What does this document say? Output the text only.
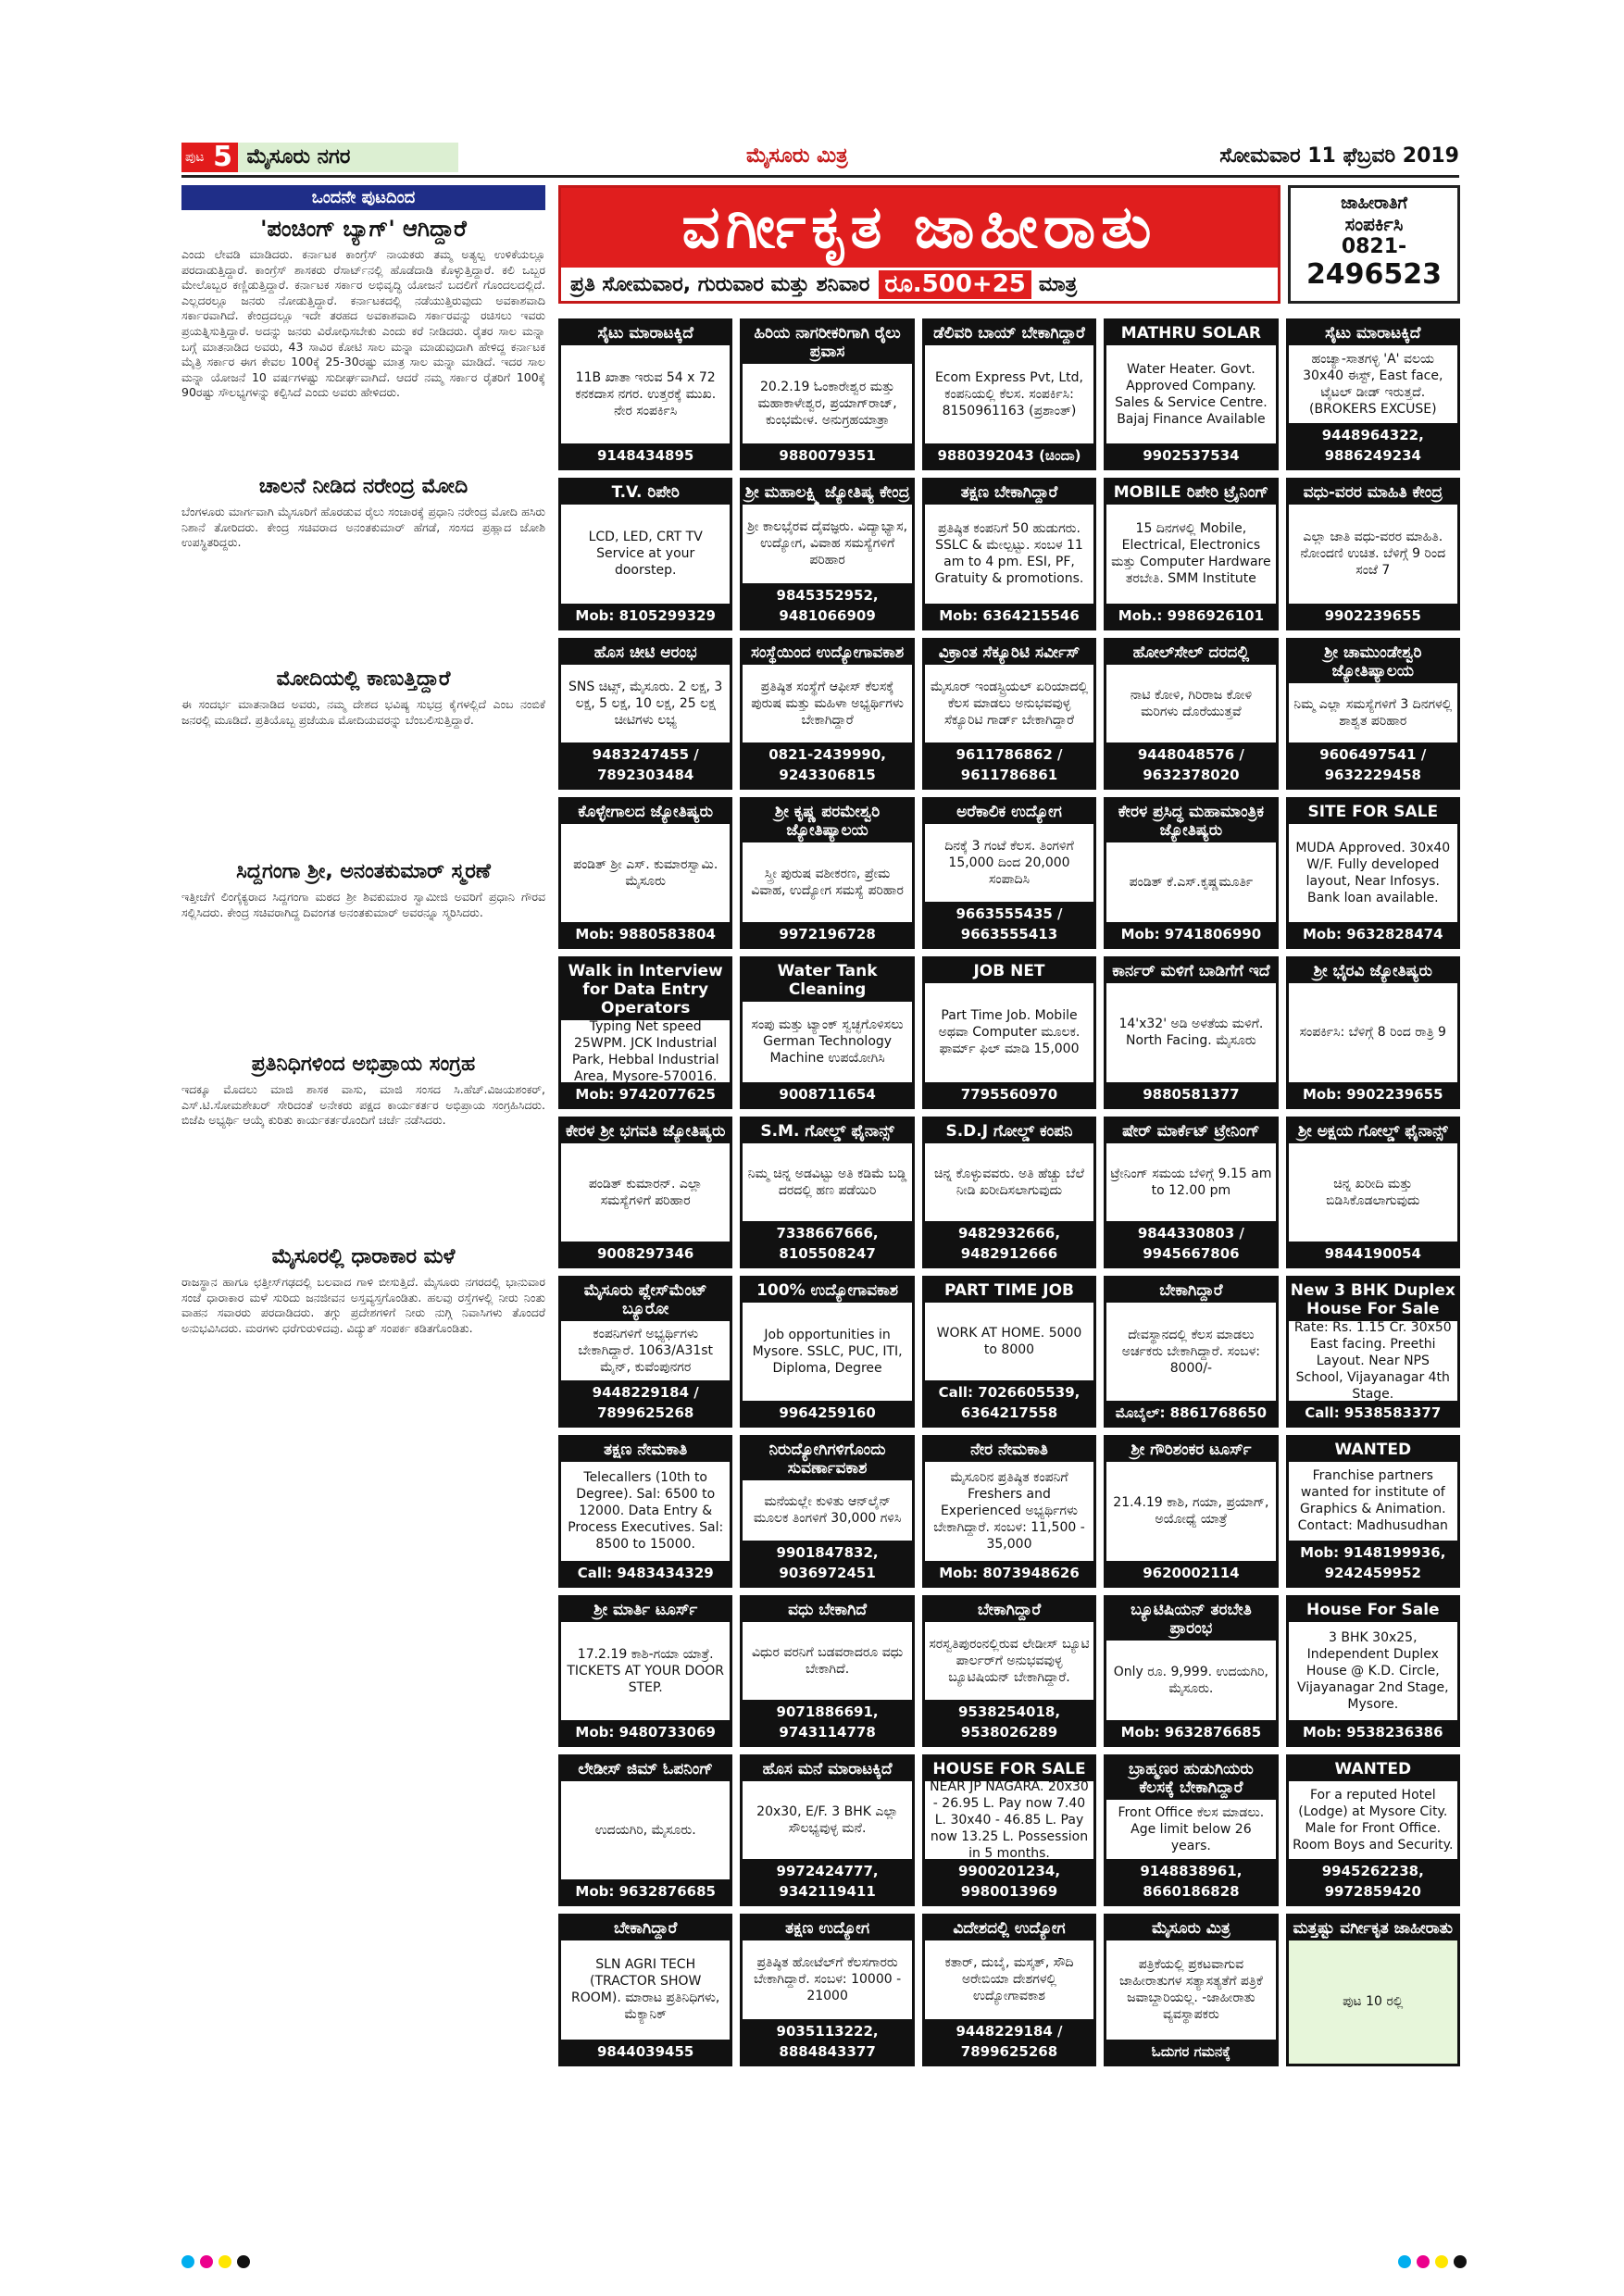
ಪುಟ 5 ಮೈಸೂರು ನಗರ	ಮೈಸೂರು ಮಿತ್ರ	ಸೋಮವಾರ 11 ಫೆಬ್ರವರಿ 2019
ಒಂದನೇ ಪುಟದಿಂದ
'ಪಂಚಿಂಗ್ ಬ್ಯಾಗ್' ಆಗಿದ್ದಾರೆ

ಎಂದು ಲೇವಡಿ ಮಾಡಿದರು. ಕರ್ನಾಟಕ ಕಾಂಗ್ರೆಸ್ ನಾಯಕರು ತಮ್ಮ ಅತ್ಯಲ್ಪ ಉಳಿಕೆಯಲ್ಲೂ ಪರದಾಡುತ್ತಿದ್ದಾರೆ. ಕಾಂಗ್ರೆಸ್ ಶಾಸಕರು ರೆಸಾರ್ಟ್‌ನಲ್ಲಿ ಹೊಡೆದಾಡಿ ಕೊಳ್ಳುತ್ತಿದ್ದಾರೆ. ಕಲಿ ಒಬ್ಬರ ಮೇಲೊಬ್ಬರ ಕಣ್ಣಿಡುತ್ತಿದ್ದಾರೆ. ಕರ್ನಾಟಕ ಸರ್ಕಾರ ಅಭಿವೃದ್ಧಿ ಯೋಜನೆ ಬದಲಿಗೆ ಗೊಂದಲದಲ್ಲಿದೆ. ಎಲ್ಲದರಲ್ಲೂ ಜನರು ನೋಡುತ್ತಿದ್ದಾರೆ. ಕರ್ನಾಟಕದಲ್ಲಿ ನಡೆಯುತ್ತಿರುವುದು ಅವಕಾಶವಾದಿ ಸರ್ಕಾರವಾಗಿದೆ. ಕೇಂದ್ರದಲ್ಲೂ ಇದೇ ತರಹದ ಅವಕಾಶವಾದಿ ಸರ್ಕಾರವನ್ನು ರಚಿಸಲು ಇವರು ಪ್ರಯತ್ನಿಸುತ್ತಿದ್ದಾರೆ. ಅದನ್ನು ಜನರು ವಿರೋಧಿಸಬೇಕು ಎಂದು ಕರೆ ನೀಡಿದರು. ರೈತರ ಸಾಲ ಮನ್ನಾ ಬಗ್ಗೆ ಮಾತನಾಡಿದ ಅವರು, 43 ಸಾವಿರ ಕೋಟಿ ಸಾಲ ಮನ್ನಾ ಮಾಡುವುದಾಗಿ ಹೇಳಿದ್ದ ಕರ್ನಾಟಕ ಮೈತ್ರಿ ಸರ್ಕಾರ ಈಗ ಕೇವಲ 100ಕ್ಕೆ 25-30ರಷ್ಟು ಮಾತ್ರ ಸಾಲ ಮನ್ನಾ ಮಾಡಿದೆ. ಇದರ ಸಾಲ ಮನ್ನಾ ಯೋಜನೆ 10 ವರ್ಷಗಳಷ್ಟು ಸುದೀರ್ಘವಾಗಿದೆ. ಆದರೆ ನಮ್ಮ ಸರ್ಕಾರ ರೈತರಿಗೆ 100ಕ್ಕೆ 90ರಷ್ಟು ಸೌಲಭ್ಯಗಳನ್ನು ಕಲ್ಪಿಸಿದೆ ಎಂದು ಅವರು ಹೇಳಿದರು.

ಚಾಲನೆ ನೀಡಿದ ನರೇಂದ್ರ ಮೋದಿ

ಬೆಂಗಳೂರು ಮಾರ್ಗವಾಗಿ ಮೈಸೂರಿಗೆ ಹೊರಡುವ ರೈಲು ಸಂಚಾರಕ್ಕೆ ಪ್ರಧಾನಿ ನರೇಂದ್ರ ಮೋದಿ ಹಸಿರು ನಿಶಾನೆ ತೋರಿದರು. ಕೇಂದ್ರ ಸಚಿವರಾದ ಅನಂತಕುಮಾರ್ ಹೆಗಡೆ, ಸಂಸದ ಪ್ರಹ್ಲಾದ ಜೋಶಿ ಉಪಸ್ಥಿತರಿದ್ದರು.

ಮೋದಿಯಲ್ಲಿ ಕಾಣುತ್ತಿದ್ದಾರೆ

ಈ ಸಂದರ್ಭ ಮಾತನಾಡಿದ ಅವರು, ನಮ್ಮ ದೇಶದ ಭವಿಷ್ಯ ಸುಭದ್ರ ಕೈಗಳಲ್ಲಿದೆ ಎಂಬ ನಂಬಿಕೆ ಜನರಲ್ಲಿ ಮೂಡಿದೆ. ಪ್ರತಿಯೊಬ್ಬ ಪ್ರಜೆಯೂ ಮೋದಿಯವರನ್ನು ಬೆಂಬಲಿಸುತ್ತಿದ್ದಾರೆ.

ಸಿದ್ದಗಂಗಾ ಶ್ರೀ, ಅನಂತಕುಮಾರ್ ಸ್ಮರಣೆ

ಇತ್ತೀಚೆಗೆ ಲಿಂಗೈಕ್ಯರಾದ ಸಿದ್ದಗಂಗಾ ಮಠದ ಶ್ರೀ ಶಿವಕುಮಾರ ಸ್ವಾಮೀಜಿ ಅವರಿಗೆ ಪ್ರಧಾನಿ ಗೌರವ ಸಲ್ಲಿಸಿದರು. ಕೇಂದ್ರ ಸಚಿವರಾಗಿದ್ದ ದಿವಂಗತ ಅನಂತಕುಮಾರ್ ಅವರನ್ನೂ ಸ್ಮರಿಸಿದರು.

ಪ್ರತಿನಿಧಿಗಳಿಂದ ಅಭಿಪ್ರಾಯ ಸಂಗ್ರಹ

ಇದಕ್ಕೂ ಮೊದಲು ಮಾಜಿ ಶಾಸಕ ವಾಸು, ಮಾಜಿ ಸಂಸದ ಸಿ.ಹೆಚ್.ವಿಜಯಶಂಕರ್, ಎಸ್.ಟಿ.ಸೋಮಶೇಖರ್ ಸೇರಿದಂತೆ ಅನೇಕರು ಪಕ್ಷದ ಕಾರ್ಯಕರ್ತರ ಅಭಿಪ್ರಾಯ ಸಂಗ್ರಹಿಸಿದರು. ಬಿಜೆಪಿ ಅಭ್ಯರ್ಥಿ ಆಯ್ಕೆ ಕುರಿತು ಕಾರ್ಯಕರ್ತರೊಂದಿಗೆ ಚರ್ಚೆ ನಡೆಸಿದರು.

ಮೈಸೂರಲ್ಲಿ ಧಾರಾಕಾರ ಮಳೆ

ರಾಜಸ್ಥಾನ ಹಾಗೂ ಛತ್ತೀಸ್‌ಗಢದಲ್ಲಿ ಬಲವಾದ ಗಾಳಿ ಬೀಸುತ್ತಿದೆ. ಮೈಸೂರು ನಗರದಲ್ಲಿ ಭಾನುವಾರ ಸಂಜೆ ಧಾರಾಕಾರ ಮಳೆ ಸುರಿದು ಜನಜೀವನ ಅಸ್ತವ್ಯಸ್ತಗೊಂಡಿತು. ಹಲವು ರಸ್ತೆಗಳಲ್ಲಿ ನೀರು ನಿಂತು ವಾಹನ ಸವಾರರು ಪರದಾಡಿದರು. ತಗ್ಗು ಪ್ರದೇಶಗಳಿಗೆ ನೀರು ನುಗ್ಗಿ ನಿವಾಸಿಗಳು ತೊಂದರೆ ಅನುಭವಿಸಿದರು. ಮರಗಳು ಧರೆಗುರುಳಿದವು. ವಿದ್ಯುತ್ ಸಂಪರ್ಕ ಕಡಿತಗೊಂಡಿತು.

ವರ್ಗೀಕೃತ ಜಾಹೀರಾತು
ಪ್ರತಿ ಸೋಮವಾರ, ಗುರುವಾರ ಮತ್ತು ಶನಿವಾರ ರೂ.500+25 ಮಾತ್ರ
ಜಾಹೀರಾತಿಗೆ
ಸಂಪರ್ಕಿಸಿ
0821-
2496523
ಸೈಟು ಮಾರಾಟಕ್ಕಿದೆ
11B ಖಾತಾ ಇರುವ 54 x 72 ಕನಕದಾಸ ನಗರ. ಉತ್ತರಕ್ಕೆ ಮುಖ. ನೇರ ಸಂಪರ್ಕಿಸಿ
9148434895
ಹಿರಿಯ ನಾಗರೀಕರಿಗಾಗಿ ರೈಲು ಪ್ರವಾಸ
20.2.19 ಓಂಕಾರೇಶ್ವರ ಮತ್ತು ಮಹಾಕಾಳೇಶ್ವರ, ಪ್ರಯಾಗ್‌ರಾಜ್, ಕುಂಭಮೇಳ. ಅನುಗ್ರಹಯಾತ್ರಾ
9880079351
ಡೆಲಿವರಿ ಬಾಯ್ ಬೇಕಾಗಿದ್ದಾರೆ
Ecom Express Pvt, Ltd, ಕಂಪನಿಯಲ್ಲಿ ಕೆಲಸ. ಸಂಪರ್ಕಿಸಿ: 8150961163 (ಪ್ರಶಾಂತ್)
9880392043 (ಚಿಂದಾ)
MATHRU SOLAR
Water Heater. Govt. Approved Company. Sales & Service Centre. Bajaj Finance Available
9902537534
ಸೈಟು ಮಾರಾಟಕ್ಕಿದೆ
ಹಂಚ್ಯಾ-ಸಾತಗಳ್ಳಿ 'A' ವಲಯ 30x40 ಈಸ್ಟ್, East face, ಟೈಟಲ್ ಡೀಡ್ ಇರುತ್ತದೆ. (BROKERS EXCUSE)
9448964322, 9886249234
T.V. ರಿಪೇರಿ
LCD, LED, CRT TV Service at your doorstep.
Mob: 8105299329
ಶ್ರೀ ಮಹಾಲಕ್ಷ್ಮಿ ಜ್ಯೋತಿಷ್ಯ ಕೇಂದ್ರ
ಶ್ರೀ ಕಾಲಭೈರವ ದೈವಜ್ಞರು. ವಿದ್ಯಾಭ್ಯಾಸ, ಉದ್ಯೋಗ, ವಿವಾಹ ಸಮಸ್ಯೆಗಳಿಗೆ ಪರಿಹಾರ
9845352952, 9481066909
ತಕ್ಷಣ ಬೇಕಾಗಿದ್ದಾರೆ
ಪ್ರತಿಷ್ಠಿತ ಕಂಪನಿಗೆ 50 ಹುಡುಗರು. SSLC & ಮೇಲ್ಪಟ್ಟು. ಸಂಬಳ 11 am to 4 pm. ESI, PF, Gratuity & promotions.
Mob: 6364215546
MOBILE ರಿಪೇರಿ ಟ್ರೈನಿಂಗ್
15 ದಿನಗಳಲ್ಲಿ Mobile, Electrical, Electronics ಮತ್ತು Computer Hardware ತರಬೇತಿ. SMM Institute
Mob.: 9986926101
ವಧು-ವರರ ಮಾಹಿತಿ ಕೇಂದ್ರ
ಎಲ್ಲಾ ಜಾತಿ ವಧು-ವರರ ಮಾಹಿತಿ. ನೋಂದಣಿ ಉಚಿತ. ಬೆಳಿಗ್ಗೆ 9 ರಿಂದ ಸಂಜೆ 7
9902239655
ಹೊಸ ಚೀಟಿ ಆರಂಭ
SNS ಚಿಟ್ಸ್, ಮೈಸೂರು. 2 ಲಕ್ಷ, 3 ಲಕ್ಷ, 5 ಲಕ್ಷ, 10 ಲಕ್ಷ, 25 ಲಕ್ಷ ಚೀಟಿಗಳು ಲಭ್ಯ
9483247455 / 7892303484
ಸಂಸ್ಥೆಯಿಂದ ಉದ್ಯೋಗಾವಕಾಶ
ಪ್ರತಿಷ್ಠಿತ ಸಂಸ್ಥೆಗೆ ಆಫೀಸ್ ಕೆಲಸಕ್ಕೆ ಪುರುಷ ಮತ್ತು ಮಹಿಳಾ ಅಭ್ಯರ್ಥಿಗಳು ಬೇಕಾಗಿದ್ದಾರೆ
0821-2439990, 9243306815
ವಿಕ್ರಾಂತ ಸೆಕ್ಯೂರಿಟಿ ಸರ್ವೀಸ್
ಮೈಸೂರ್ ಇಂಡಸ್ಟ್ರಿಯಲ್ ಏರಿಯಾದಲ್ಲಿ ಕೆಲಸ ಮಾಡಲು ಅನುಭವವುಳ್ಳ ಸೆಕ್ಯೂರಿಟಿ ಗಾರ್ಡ್ ಬೇಕಾಗಿದ್ದಾರೆ
9611786862 / 9611786861
ಹೋಲ್‌ಸೇಲ್ ದರದಲ್ಲಿ
ನಾಟಿ ಕೋಳಿ, ಗಿರಿರಾಜ ಕೋಳಿ ಮರಿಗಳು ದೊರೆಯುತ್ತವೆ
9448048576 / 9632378020
ಶ್ರೀ ಚಾಮುಂಡೇಶ್ವರಿ ಜ್ಯೋತಿಷ್ಯಾಲಯ
ನಿಮ್ಮ ಎಲ್ಲಾ ಸಮಸ್ಯೆಗಳಿಗೆ 3 ದಿನಗಳಲ್ಲಿ ಶಾಶ್ವತ ಪರಿಹಾರ
9606497541 / 9632229458
ಕೊಳ್ಳೇಗಾಲದ ಜ್ಯೋತಿಷ್ಯರು
ಪಂಡಿತ್ ಶ್ರೀ ಎಸ್. ಕುಮಾರಸ್ವಾಮಿ. ಮೈಸೂರು
Mob: 9880583804
ಶ್ರೀ ಕೃಷ್ಣ ಪರಮೇಶ್ವರಿ ಜ್ಯೋತಿಷ್ಯಾಲಯ
ಸ್ತ್ರೀ ಪುರುಷ ವಶೀಕರಣ, ಪ್ರೇಮ ವಿವಾಹ, ಉದ್ಯೋಗ ಸಮಸ್ಯೆ ಪರಿಹಾರ
9972196728
ಅರೆಕಾಲಿಕ ಉದ್ಯೋಗ
ದಿನಕ್ಕೆ 3 ಗಂಟೆ ಕೆಲಸ. ತಿಂಗಳಿಗೆ 15,000 ದಿಂದ 20,000 ಸಂಪಾದಿಸಿ
9663555435 / 9663555413
ಕೇರಳ ಪ್ರಸಿದ್ಧ ಮಹಾಮಾಂತ್ರಿಕ ಜ್ಯೋತಿಷ್ಯರು
ಪಂಡಿತ್ ಕೆ.ಎಸ್.ಕೃಷ್ಣಮೂರ್ತಿ
Mob: 9741806990
SITE FOR SALE
MUDA Approved. 30x40 W/F. Fully developed layout, Near Infosys. Bank loan available.
Mob: 9632828474
Walk in Interview for Data Entry Operators
Typing Net speed 25WPM. JCK Industrial Park, Hebbal Industrial Area, Mysore-570016.
Mob: 9742077625
Water Tank Cleaning
ಸಂಪು ಮತ್ತು ಟ್ಯಾಂಕ್ ಸ್ವಚ್ಛಗೊಳಿಸಲು German Technology Machine ಉಪಯೋಗಿಸಿ
9008711654
JOB NET
Part Time Job. Mobile ಅಥವಾ Computer ಮೂಲಕ. ಫಾರ್ಮ್ ಫಿಲ್ ಮಾಡಿ 15,000
7795560970
ಕಾರ್ನರ್ ಮಳಿಗೆ ಬಾಡಿಗೆಗೆ ಇದೆ
14'x32' ಅಡಿ ಅಳತೆಯ ಮಳಿಗೆ. North Facing. ಮೈಸೂರು
9880581377
ಶ್ರೀ ಭೈರವಿ ಜ್ಯೋತಿಷ್ಯರು
ಸಂಪರ್ಕಿಸಿ: ಬೆಳಿಗ್ಗೆ 8 ರಿಂದ ರಾತ್ರಿ 9
Mob: 9902239655
ಕೇರಳ ಶ್ರೀ ಭಗವತಿ ಜ್ಯೋತಿಷ್ಯರು
ಪಂಡಿತ್ ಕುಮಾರನ್. ಎಲ್ಲಾ ಸಮಸ್ಯೆಗಳಿಗೆ ಪರಿಹಾರ
9008297346
S.M. ಗೋಲ್ಡ್ ಫೈನಾನ್ಸ್
ನಿಮ್ಮ ಚಿನ್ನ ಅಡವಿಟ್ಟು ಅತಿ ಕಡಿಮೆ ಬಡ್ಡಿ ದರದಲ್ಲಿ ಹಣ ಪಡೆಯಿರಿ
7338667666, 8105508247
S.D.J ಗೋಲ್ಡ್ ಕಂಪನಿ
ಚಿನ್ನ ಕೊಳ್ಳುವವರು. ಅತಿ ಹೆಚ್ಚು ಬೆಲೆ ನೀಡಿ ಖರೀದಿಸಲಾಗುವುದು
9482932666, 9482912666
ಷೇರ್ ಮಾರ್ಕೆಟ್ ಟ್ರೇನಿಂಗ್
ಟ್ರೇನಿಂಗ್ ಸಮಯ ಬೆಳಿಗ್ಗೆ 9.15 am to 12.00 pm
9844330803 / 9945667806
ಶ್ರೀ ಅಕ್ಷಯ ಗೋಲ್ಡ್ ಫೈನಾನ್ಸ್
ಚಿನ್ನ ಖರೀದಿ ಮತ್ತು ಬಿಡಿಸಿಕೊಡಲಾಗುವುದು
9844190054
ಮೈಸೂರು ಪ್ಲೇಸ್‌ಮೆಂಟ್ ಬ್ಯೂರೋ
ಕಂಪನಿಗಳಿಗೆ ಅಭ್ಯರ್ಥಿಗಳು ಬೇಕಾಗಿದ್ದಾರೆ. 1063/A31st ಮೈನ್, ಕುವೆಂಪುನಗರ
9448229184 / 7899625268
100% ಉದ್ಯೋಗಾವಕಾಶ
Job opportunities in Mysore. SSLC, PUC, ITI, Diploma, Degree
9964259160
PART TIME JOB
WORK AT HOME. 5000 to 8000
Call: 7026605539, 6364217558
ಬೇಕಾಗಿದ್ದಾರೆ
ದೇವಸ್ಥಾನದಲ್ಲಿ ಕೆಲಸ ಮಾಡಲು ಅರ್ಚಕರು ಬೇಕಾಗಿದ್ದಾರೆ. ಸಂಬಳ: 8000/-
ಮೊಬೈಲ್: 8861768650
New 3 BHK Duplex House For Sale
Rate: Rs. 1.15 Cr. 30x50 East facing. Preethi Layout. Near NPS School, Vijayanagar 4th Stage.
Call: 9538583377
ತಕ್ಷಣ ನೇಮಕಾತಿ
Telecallers (10th to Degree). Sal: 6500 to 12000. Data Entry & Process Executives. Sal: 8500 to 15000.
Call: 9483434329
ನಿರುದ್ಯೋಗಿಗಳಿಗೊಂದು ಸುವರ್ಣಾವಕಾಶ
ಮನೆಯಲ್ಲೇ ಕುಳಿತು ಆನ್‌ಲೈನ್ ಮೂಲಕ ತಿಂಗಳಿಗೆ 30,000 ಗಳಿಸಿ
9901847832, 9036972451
ನೇರ ನೇಮಕಾತಿ
ಮೈಸೂರಿನ ಪ್ರತಿಷ್ಠಿತ ಕಂಪನಿಗೆ Freshers and Experienced ಅಭ್ಯರ್ಥಿಗಳು ಬೇಕಾಗಿದ್ದಾರೆ. ಸಂಬಳ: 11,500 - 35,000
Mob: 8073948626
ಶ್ರೀ ಗೌರಿಶಂಕರ ಟೂರ್ಸ್
21.4.19 ಕಾಶಿ, ಗಯಾ, ಪ್ರಯಾಗ್, ಅಯೋಧ್ಯೆ ಯಾತ್ರೆ
9620002114
WANTED
Franchise partners wanted for institute of Graphics & Animation. Contact: Madhusudhan
Mob: 9148199936, 9242459952
ಶ್ರೀ ಮಾರ್ತಿ ಟೂರ್ಸ್
17.2.19 ಕಾಶಿ-ಗಯಾ ಯಾತ್ರೆ. TICKETS AT YOUR DOOR STEP.
Mob: 9480733069
ವಧು ಬೇಕಾಗಿದೆ
ವಿಧುರ ವರನಿಗೆ ಬಡವರಾದರೂ ವಧು ಬೇಕಾಗಿದೆ.
9071886691, 9743114778
ಬೇಕಾಗಿದ್ದಾರೆ
ಸರಸ್ವತಿಪುರಂನಲ್ಲಿರುವ ಲೇಡೀಸ್ ಬ್ಯೂಟಿ ಪಾರ್ಲರ್‌ಗೆ ಅನುಭವವುಳ್ಳ ಬ್ಯೂಟಿಷಿಯನ್ ಬೇಕಾಗಿದ್ದಾರೆ.
9538254018, 9538026289
ಬ್ಯೂಟಿಷಿಯನ್ ತರಬೇತಿ ಪ್ರಾರಂಭ
Only ರೂ. 9,999. ಉದಯಗಿರಿ, ಮೈಸೂರು.
Mob: 9632876685
House For Sale
3 BHK 30x25, Independent Duplex House @ K.D. Circle, Vijayanagar 2nd Stage, Mysore.
Mob: 9538236386
ಲೇಡೀಸ್ ಜಿಮ್ ಓಪನಿಂಗ್
ಉದಯಗಿರಿ, ಮೈಸೂರು.
Mob: 9632876685
ಹೊಸ ಮನೆ ಮಾರಾಟಕ್ಕಿದೆ
20x30, E/F. 3 BHK ಎಲ್ಲಾ ಸೌಲಭ್ಯವುಳ್ಳ ಮನೆ.
9972424777, 9342119411
HOUSE FOR SALE
NEAR JP NAGARA. 20x30 - 26.95 L. Pay now 7.40 L. 30x40 - 46.85 L. Pay now 13.25 L. Possession in 5 months.
9900201234, 9980013969
ಬ್ರಾಹ್ಮಣರ ಹುಡುಗಿಯರು ಕೆಲಸಕ್ಕೆ ಬೇಕಾಗಿದ್ದಾರೆ
Front Office ಕೆಲಸ ಮಾಡಲು. Age limit below 26 years.
9148838961, 8660186828
WANTED
For a reputed Hotel (Lodge) at Mysore City. Male for Front Office. Room Boys and Security.
9945262238, 9972859420
ಬೇಕಾಗಿದ್ದಾರೆ
SLN AGRI TECH (TRACTOR SHOW ROOM). ಮಾರಾಟ ಪ್ರತಿನಿಧಿಗಳು, ಮೆಕ್ಯಾನಿಕ್
9844039455
ತಕ್ಷಣ ಉದ್ಯೋಗ
ಪ್ರತಿಷ್ಠಿತ ಹೋಟೆಲ್‌ಗೆ ಕೆಲಸಗಾರರು ಬೇಕಾಗಿದ್ದಾರೆ. ಸಂಬಳ: 10000 - 21000
9035113222, 8884843377
ವಿದೇಶದಲ್ಲಿ ಉದ್ಯೋಗ
ಕತಾರ್, ದುಬೈ, ಮಸ್ಕತ್, ಸೌದಿ ಅರೇಬಿಯಾ ದೇಶಗಳಲ್ಲಿ ಉದ್ಯೋಗಾವಕಾಶ
9448229184 / 7899625268
ಮೈಸೂರು ಮಿತ್ರ
ಪತ್ರಿಕೆಯಲ್ಲಿ ಪ್ರಕಟವಾಗುವ ಜಾಹೀರಾತುಗಳ ಸತ್ಯಾಸತ್ಯತೆಗೆ ಪತ್ರಿಕೆ ಜವಾಬ್ದಾರಿಯಲ್ಲ. -ಜಾಹೀರಾತು ವ್ಯವಸ್ಥಾಪಕರು
ಓದುಗರ ಗಮನಕ್ಕೆ
ಮತ್ತಷ್ಟು ವರ್ಗೀಕೃತ ಜಾಹೀರಾತು
ಪುಟ 10 ರಲ್ಲಿ
